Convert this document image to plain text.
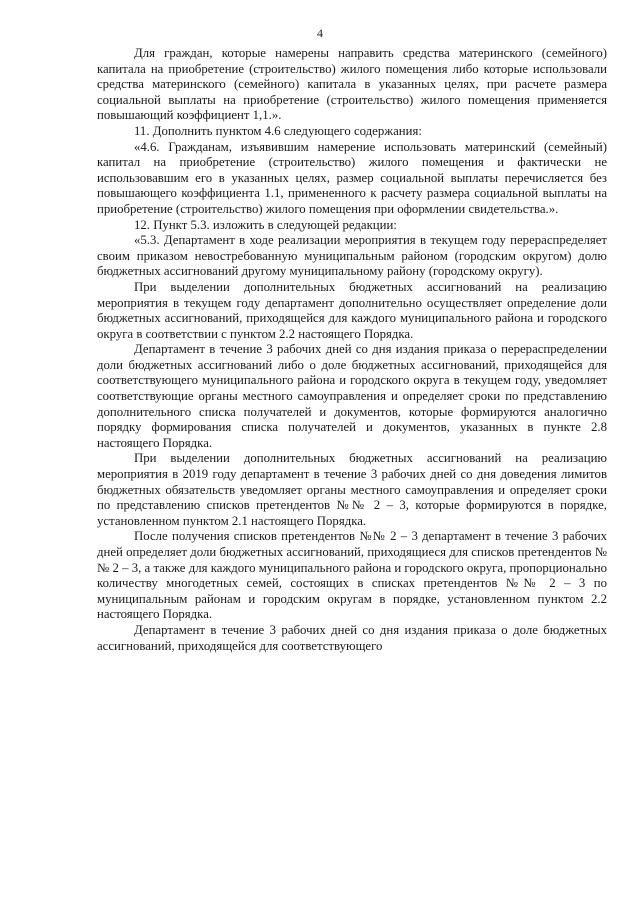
4

Для граждан, которые намерены направить средства материнского (семейного) капитала на приобретение (строительство) жилого помещения либо которые использовали средства материнского (семейного) капитала в указанных целях, при расчете размера социальной выплаты на приобретение (строительство) жилого помещения применяется повышающий коэффициент 1,1.».

11. Дополнить пунктом 4.6 следующего содержания:

«4.6. Гражданам, изъявившим намерение использовать материнский (семейный) капитал на приобретение (строительство) жилого помещения и фактически не использовавшим его в указанных целях, размер социальной выплаты перечисляется без повышающего коэффициента 1.1, примененного к расчету размера социальной выплаты на приобретение (строительство) жилого помещения при оформлении свидетельства.».

12. Пункт 5.3. изложить в следующей редакции:

«5.3. Департамент в ходе реализации мероприятия в текущем году перераспределяет своим приказом невостребованную муниципальным районом (городским округом) долю бюджетных ассигнований другому муниципальному району (городскому округу).

При выделении дополнительных бюджетных ассигнований на реализацию мероприятия в текущем году департамент дополнительно осуществляет определение доли бюджетных ассигнований, приходящейся для каждого муниципального района и городского округа в соответствии с пунктом 2.2 настоящего Порядка.

Департамент в течение 3 рабочих дней со дня издания приказа о перераспределении доли бюджетных ассигнований либо о доле бюджетных ассигнований, приходящейся для соответствующего муниципального района и городского округа в текущем году, уведомляет соответствующие органы местного самоуправления и определяет сроки по представлению дополнительного списка получателей и документов, которые формируются аналогично порядку формирования списка получателей и документов, указанных в пункте 2.8 настоящего Порядка.

При выделении дополнительных бюджетных ассигнований на реализацию мероприятия в 2019 году департамент в течение 3 рабочих дней со дня доведения лимитов бюджетных обязательств уведомляет органы местного самоуправления и определяет сроки по представлению списков претендентов №№ 2 – 3, которые формируются в порядке, установленном пунктом 2.1 настоящего Порядка.

После получения списков претендентов №№ 2 – 3 департамент в течение 3 рабочих дней определяет доли бюджетных ассигнований, приходящиеся для списков претендентов №№ 2 – 3, а также для каждого муниципального района и городского округа, пропорционально количеству многодетных семей, состоящих в списках претендентов №№ 2 – 3 по муниципальным районам и городским округам в порядке, установленном пунктом 2.2 настоящего Порядка.

Департамент в течение 3 рабочих дней со дня издания приказа о доле бюджетных ассигнований, приходящейся для соответствующего
